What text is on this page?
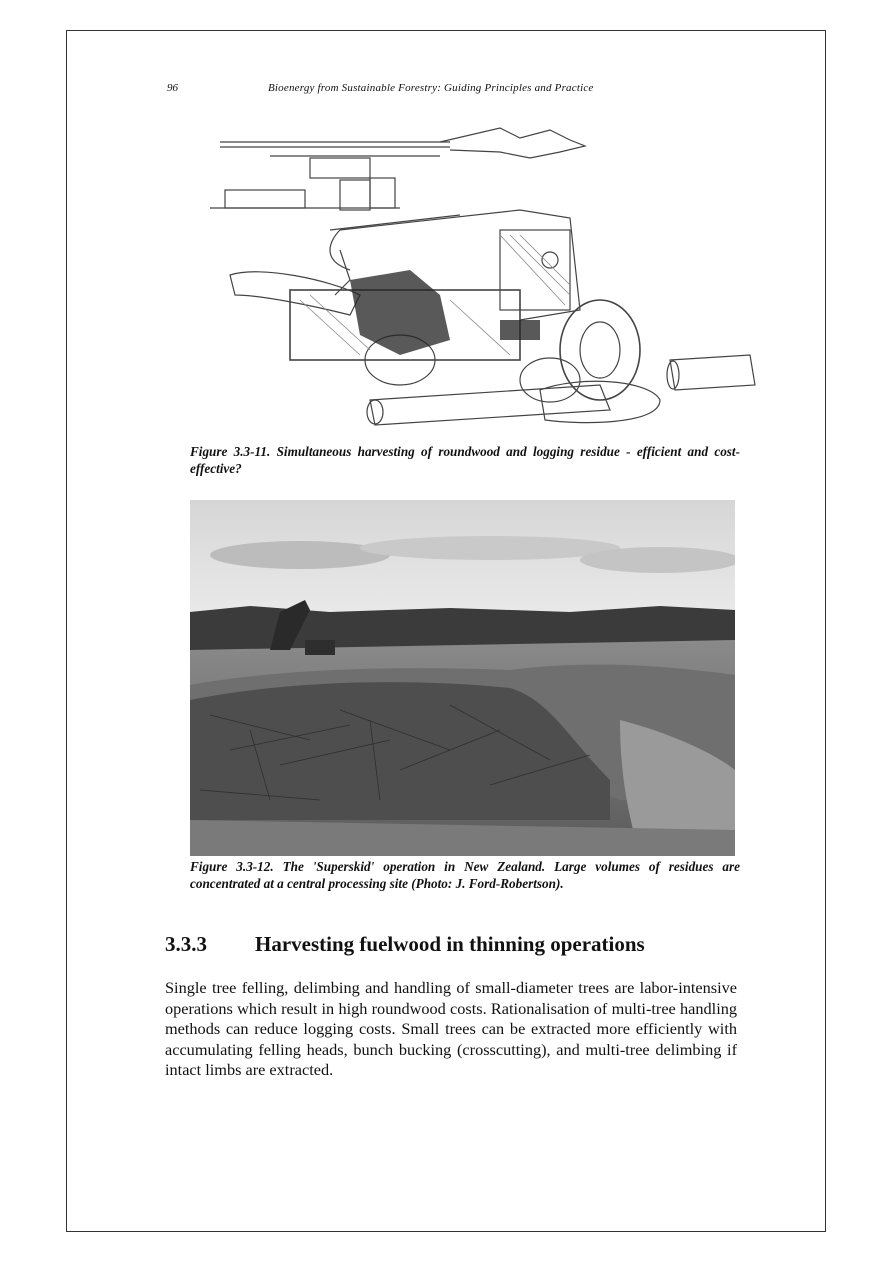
96	Bioenergy from Sustainable Forestry: Guiding Principles and Practice
Figure 3.3-11. Simultaneous harvesting of roundwood and logging residue - efficient and cost-effective?
Figure 3.3-12. The 'Superskid' operation in New Zealand. Large volumes of residues are concentrated at a central processing site (Photo: J. Ford-Robertson).
3.3.3 Harvesting fuelwood in thinning operations

Single tree felling, delimbing and handling of small-diameter trees are labor-intensive operations which result in high roundwood costs. Rationalisation of multi-tree handling methods can reduce logging costs. Small trees can be extracted more efficiently with accumulating felling heads, bunch bucking (crosscutting), and multi-tree delimbing if intact limbs are extracted.
